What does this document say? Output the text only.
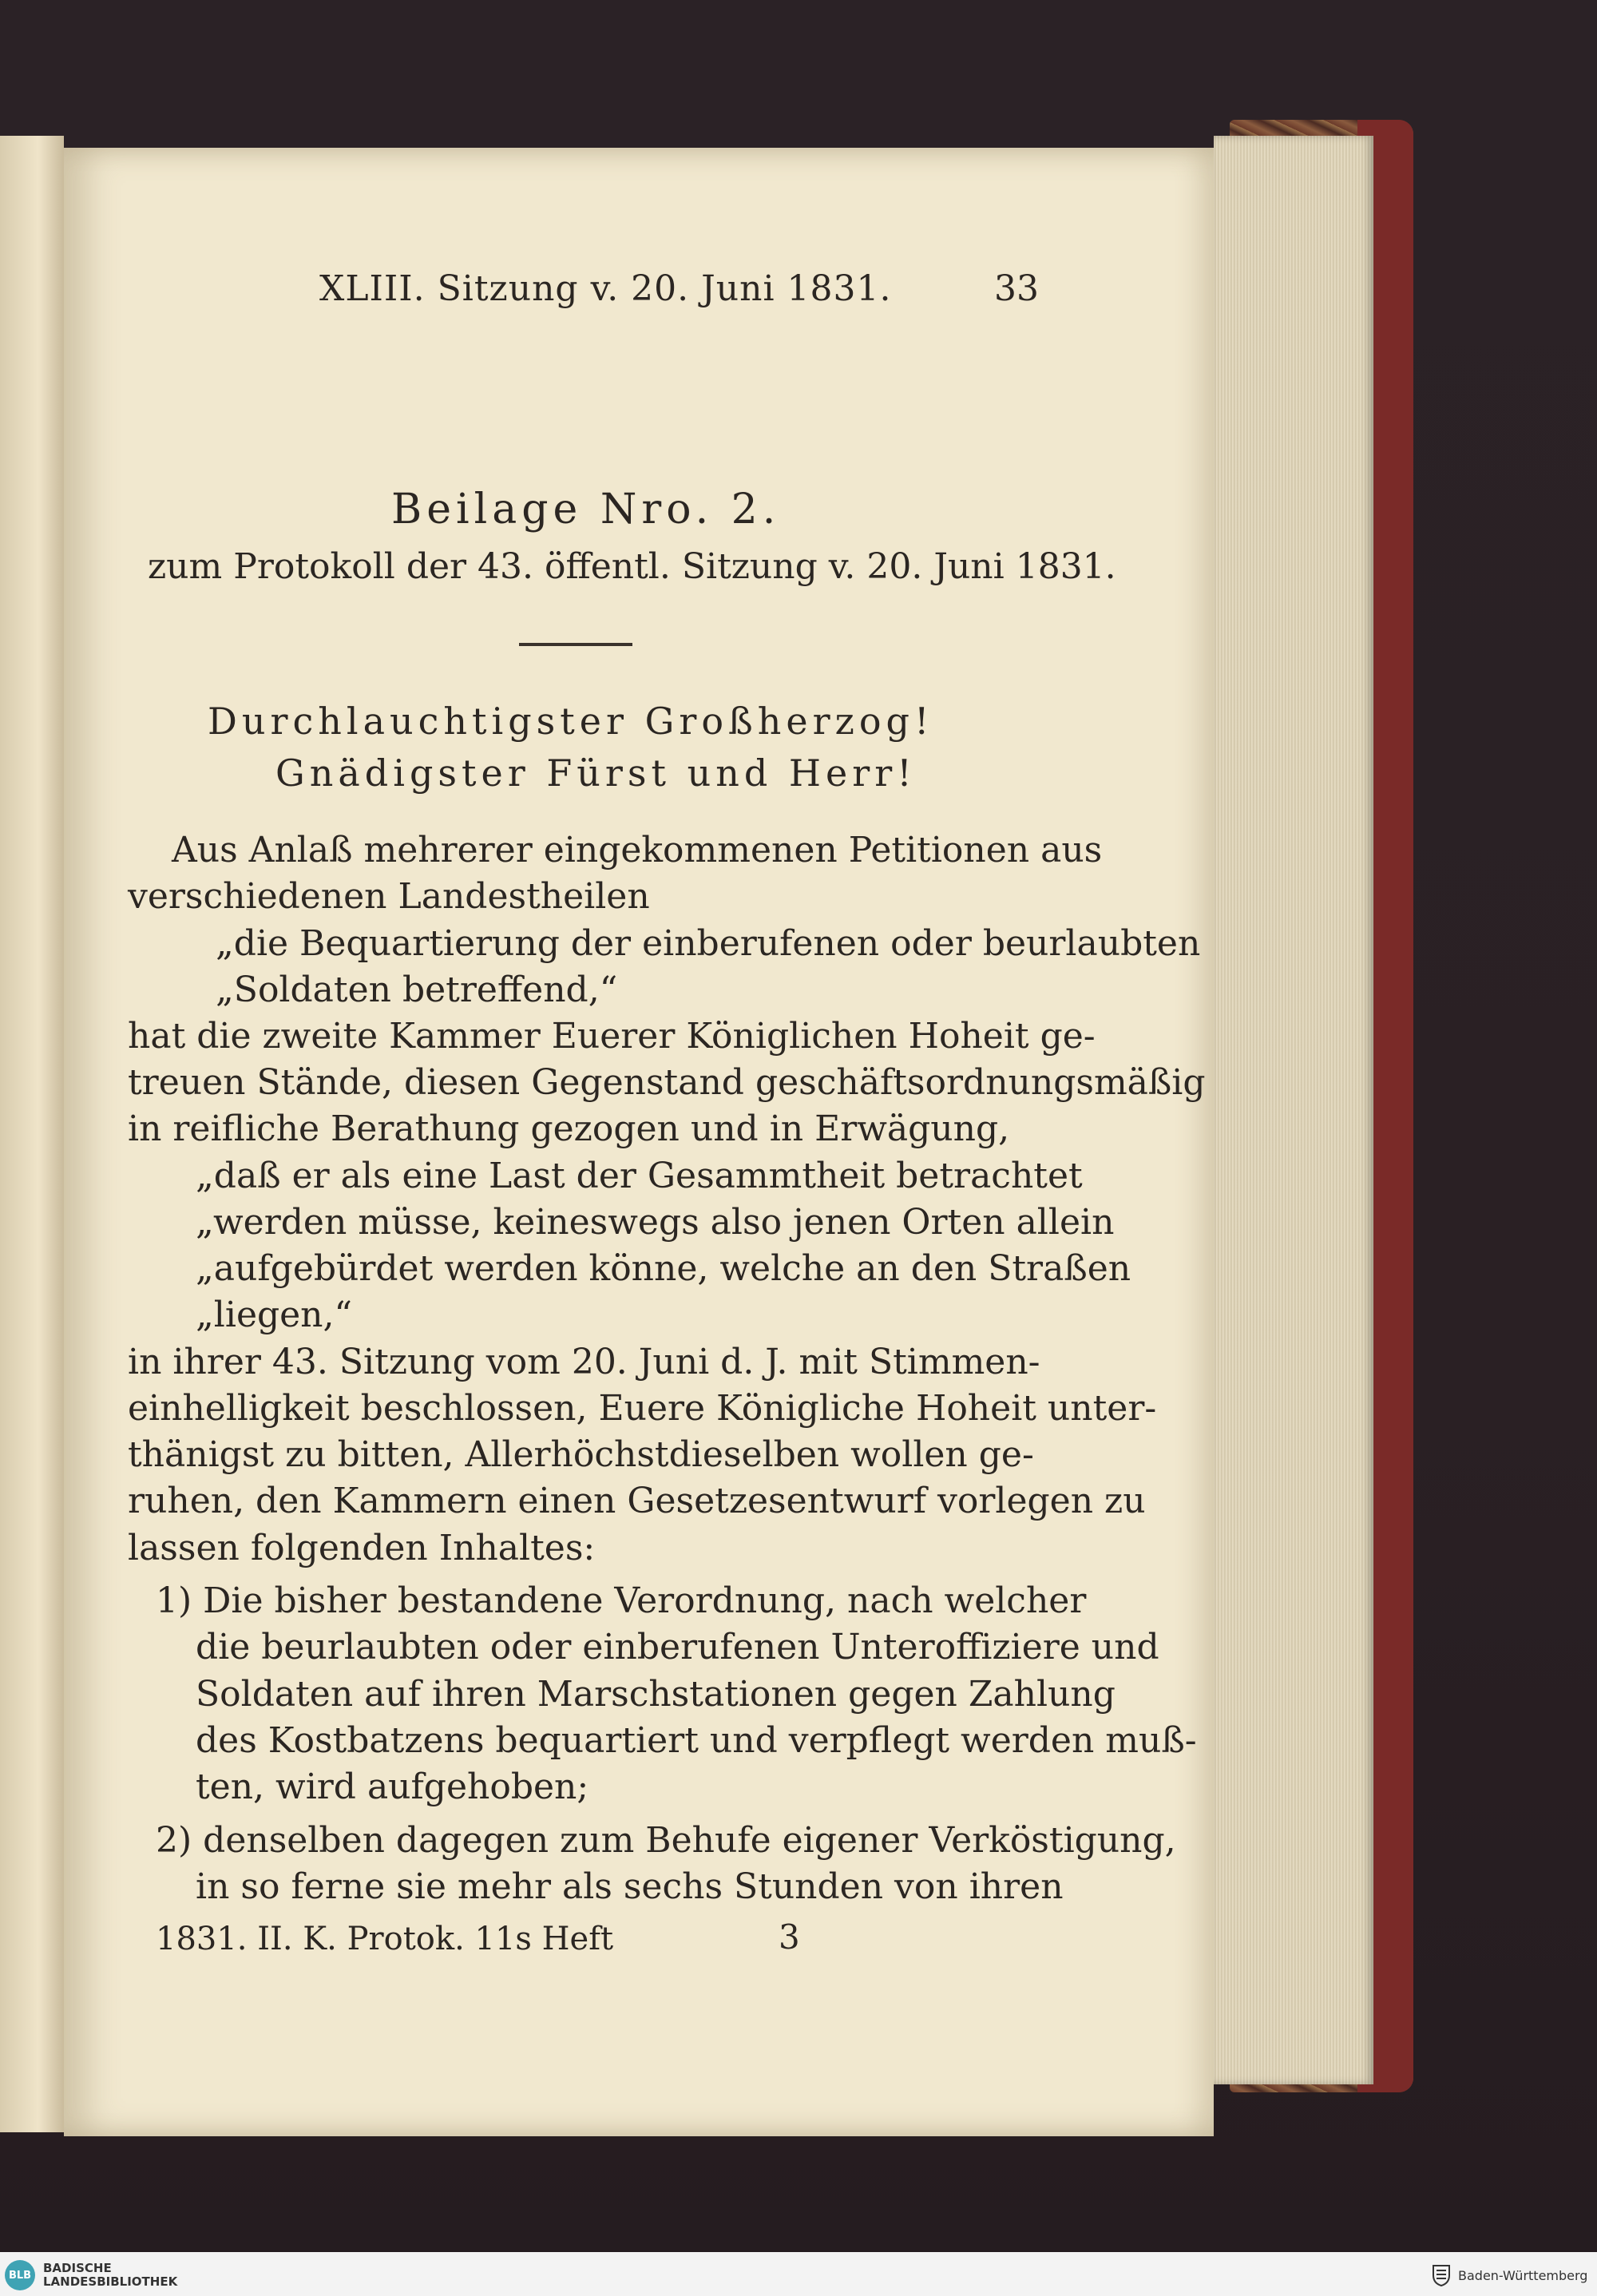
XLIII. Sitzung v. 20. Juni 1831.	33
Beilage Nro. 2.
zum Protokoll der 43. öffentl. Sitzung v. 20. Juni 1831.
Durchlauchtigster Großherzog!
Gnädigster Fürst und Herr!
Aus Anlaß mehrerer eingekommenen Petitionen aus
verschiedenen Landestheilen
„die Bequartierung der einberufenen oder beurlaubten
„Soldaten betreffend,“
hat die zweite Kammer Euerer Königlichen Hoheit ge-
treuen Stände, diesen Gegenstand geschäftsordnungsmäßig
in reifliche Berathung gezogen und in Erwägung,
„daß er als eine Last der Gesammtheit betrachtet
„werden müsse, keineswegs also jenen Orten allein
„aufgebürdet werden könne, welche an den Straßen
„liegen,“
in ihrer 43. Sitzung vom 20. Juni d. J. mit Stimmen-
einhelligkeit beschlossen, Euere Königliche Hoheit unter-
thänigst zu bitten, Allerhöchstdieselben wollen ge-
ruhen, den Kammern einen Gesetzesentwurf vorlegen zu
lassen folgenden Inhaltes:
1) Die bisher bestandene Verordnung, nach welcher
die beurlaubten oder einberufenen Unteroffiziere und
Soldaten auf ihren Marschstationen gegen Zahlung
des Kostbatzens bequartiert und verpflegt werden muß-
ten, wird aufgehoben;
2) denselben dagegen zum Behufe eigener Verköstigung,
in so ferne sie mehr als sechs Stunden von ihren
1831. II. K. Protok. 11s Heft	3
BLB BADISCHE
LANDESBIBLIOTHEK	Baden-Württemberg
